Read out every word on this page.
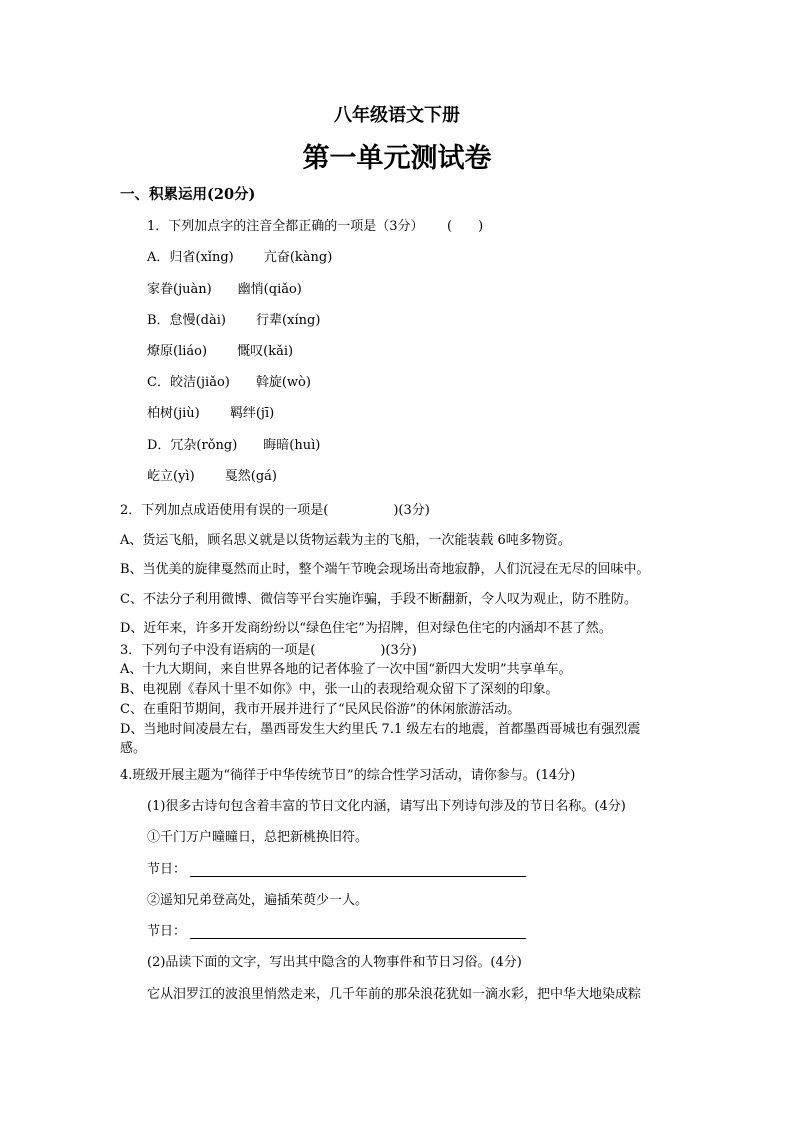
八年级语文下册
第一单元测试卷
一、积累运用(20分)
1．下列加点字的注音全都正确的一项是（3分） (　　)
A．归省(xǐng)　　 亢奋(kàng)
家眷(juàn)　　幽悄(qiǎo)
B．怠慢(dài)　　 行辈(xíng)
燎原(liáo)　　 慨叹(kǎi)
C．皎洁(jiǎo)　　斡旋(wò)
柏树(jiù)　　 羁绊(jī)
D．冗杂(rǒng)　　晦暗(huì)
屹立(yì)　　 戛然(gá)
2．下列加点成语使用有误的一项是(　　　　　)(3分)
A、货运飞船，顾名思义就是以货物运载为主的飞船，一次能装载 6吨多物资。
B、当优美的旋律戛然而止时，整个端午节晚会现场出奇地寂静，人们沉浸在无尽的回味中。
C、不法分子利用微博、微信等平台实施诈骗，手段不断翻新，令人叹为观止，防不胜防。
D、近年来，许多开发商纷纷以“绿色住宅”为招牌，但对绿色住宅的内涵却不甚了然。
3．下列句子中没有语病的一项是(　　　　　)(3分)
A、十九大期间，来自世界各地的记者体验了一次中国“新四大发明”共享单车。
B、电视剧《春风十里不如你》中，张一山的表现给观众留下了深刻的印象。
C、在重阳节期间，我市开展并进行了“民风民俗游”的休闲旅游活动。
D、当地时间凌晨左右，墨西哥发生大约里氏 7.1 级左右的地震，首都墨西哥城也有强烈震
感。
4.班级开展主题为“徜徉于中华传统节日”的综合性学习活动，请你参与。(14分)
(1)很多古诗句包含着丰富的节日文化内涵，请写出下列诗句涉及的节日名称。(4分)
①千门万户曈曈日，总把新桃换旧符。
节日：
②遥知兄弟登高处，遍插茱萸少一人。
节日：
(2)品读下面的文字，写出其中隐含的人物事件和节日习俗。(4分)
它从汨罗江的波浪里悄然走来，几千年前的那朵浪花犹如一滴水彩，把中华大地染成粽
